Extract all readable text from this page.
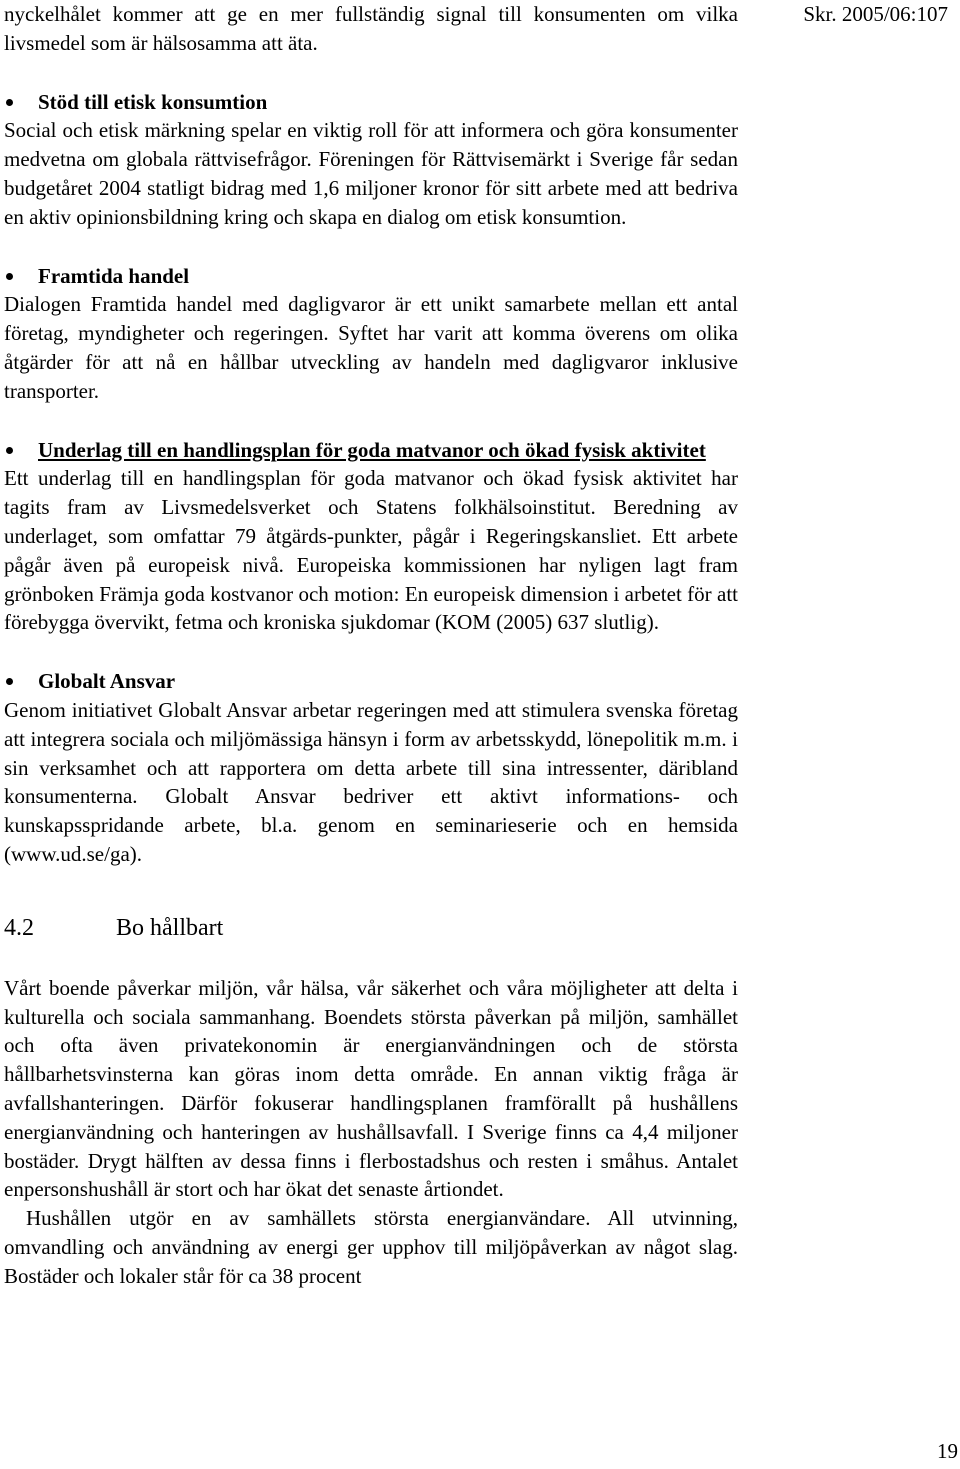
Skr. 2005/06:107

nyckelhålet kommer att ge en mer fullständig signal till konsumenten om vilka livsmedel som är hälsosamma att äta.

Stöd till etisk konsumtion

Social och etisk märkning spelar en viktig roll för att informera och göra konsumenter medvetna om globala rättvisefrågor. Föreningen för Rättvisemärkt i Sverige får sedan budgetåret 2004 statligt bidrag med 1,6 miljoner kronor för sitt arbete med att bedriva en aktiv opinionsbildning kring och skapa en dialog om etisk konsumtion.

Framtida handel

Dialogen Framtida handel med dagligvaror är ett unikt samarbete mellan ett antal företag, myndigheter och regeringen. Syftet har varit att komma överens om olika åtgärder för att nå en hållbar utveckling av handeln med dagligvaror inklusive transporter.

Underlag till en handlingsplan för goda matvanor och ökad fysisk aktivitet

Ett underlag till en handlingsplan för goda matvanor och ökad fysisk aktivitet har tagits fram av Livsmedelsverket och Statens folkhälsoinstitut. Beredning av underlaget, som omfattar 79 åtgärds-punkter, pågår i Regeringskansliet. Ett arbete pågår även på europeisk nivå. Europeiska kommissionen har nyligen lagt fram grönboken Främja goda kostvanor och motion: En europeisk dimension i arbetet för att förebygga övervikt, fetma och kroniska sjukdomar (KOM (2005) 637 slutlig).

Globalt Ansvar

Genom initiativet Globalt Ansvar arbetar regeringen med att stimulera svenska företag att integrera sociala och miljömässiga hänsyn i form av arbetsskydd, lönepolitik m.m. i sin verksamhet och att rapportera om detta arbete till sina intressenter, däribland konsumenterna. Globalt Ansvar bedriver ett aktivt informations- och kunskapsspridande arbete, bl.a. genom en seminarieserie och en hemsida (www.ud.se/ga).

4.2	Bo hållbart

Vårt boende påverkar miljön, vår hälsa, vår säkerhet och våra möjligheter att delta i kulturella och sociala sammanhang. Boendets största påverkan på miljön, samhället och ofta även privatekonomin är energianvändningen och de största hållbarhetsvinsterna kan göras inom detta område. En annan viktig fråga är avfallshanteringen. Därför fokuserar handlingsplanen framförallt på hushållens energianvändning och hanteringen av hushållsavfall. I Sverige finns ca 4,4 miljoner bostäder. Drygt hälften av dessa finns i flerbostadshus och resten i småhus. Antalet enpersonshushåll är stort och har ökat det senaste årtiondet.

Hushållen utgör en av samhällets största energianvändare. All utvinning, omvandling och användning av energi ger upphov till miljöpåverkan av något slag. Bostäder och lokaler står för ca 38 procent

19
